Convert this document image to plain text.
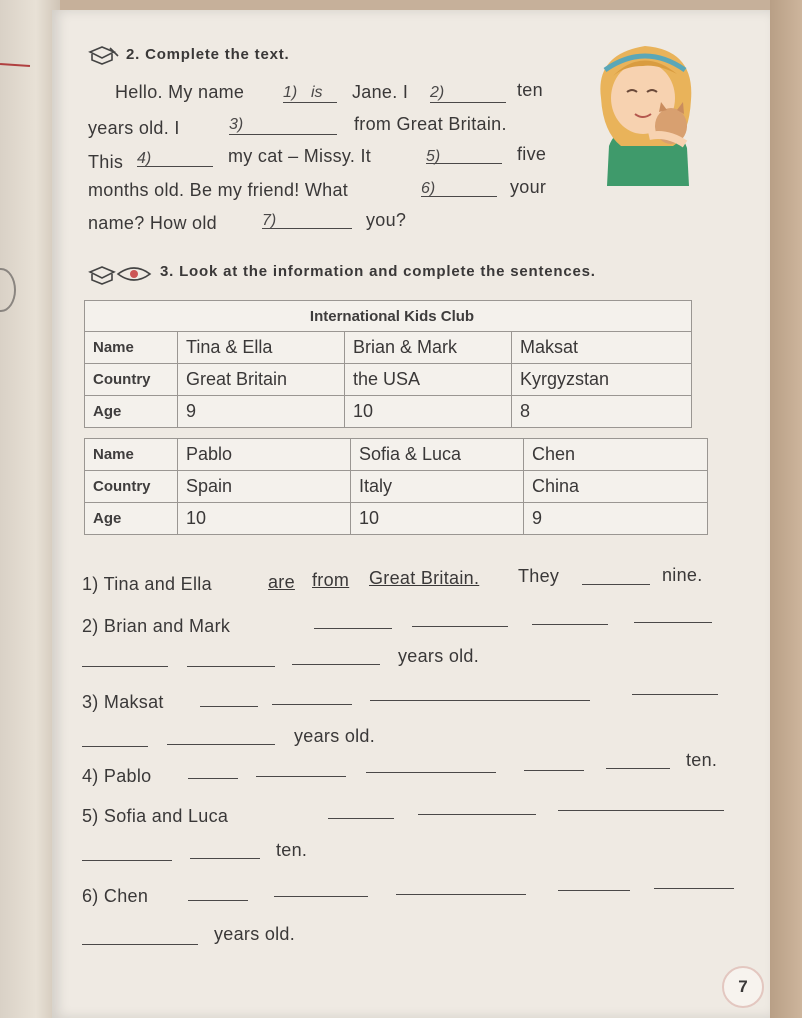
2. Complete the text.
Hello. My name 1) is Jane. I 2)	ten
years old. I	3)	from Great Britain.
This 4)	my cat – Missy. It	5)	five
months old. Be my friend! What	6)	your
name? How old	7)	you?
3. Look at the information and complete the sentences.
International Kids Club			
Name	Tina & Ella	Brian & Mark	Maksat
Country	Great Britain	the USA	Kyrgyzstan
Age	9	10	8
Name	Pablo	Sofia & Luca	Chen
Country	Spain	Italy	China
Age	10	10	9
1) Tina and Ella	are from Great Britain. They	nine.
2) Brian and Mark
years old.
3) Maksat
years old.
4) Pablo
ten.
5) Sofia and Luca
ten.
6) Chen
years old.
7
